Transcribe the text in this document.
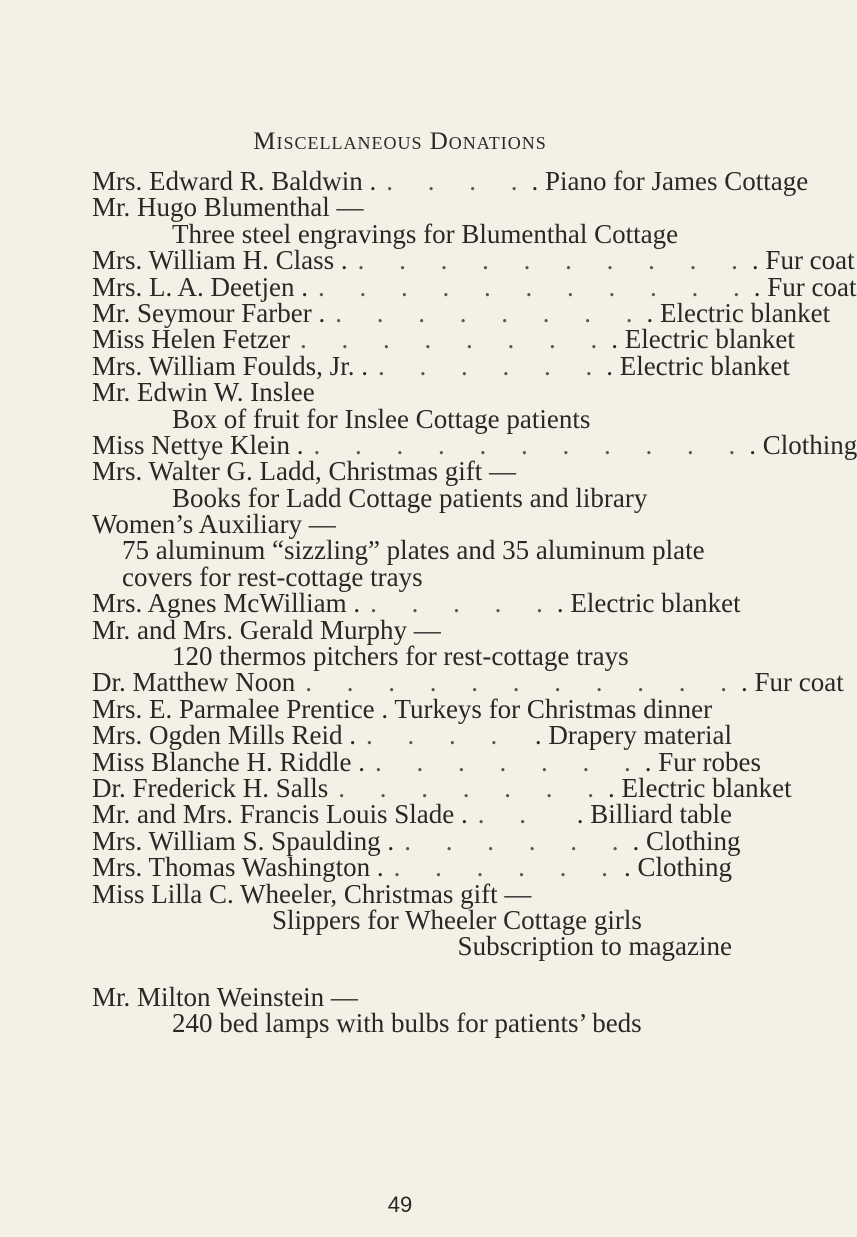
Miscellaneous Donations
Mrs. Edward R. Baldwin . . . . . . Piano for James Cottage
Mr. Hugo Blumenthal —
Three steel engravings for Blumenthal Cottage
Mrs. William H. Class . . . . . . . . . . . . Fur coat
Mrs. L. A. Deetjen . . . . . . . . . . . . . Fur coat
Mr. Seymour Farber . . . . . . . . . . Electric blanket
Miss Helen Fetzer . . . . . . . . . Electric blanket
Mrs. William Foulds, Jr. . . . . . . . . Electric blanket
Mr. Edwin W. Inslee
Box of fruit for Inslee Cottage patients
Miss Nettye Klein . . . . . . . . . . . . . Clothing
Mrs. Walter G. Ladd, Christmas gift —
Books for Ladd Cottage patients and library
Women’s Auxiliary —
75 aluminum “sizzling” plates and 35 aluminum plate
covers for rest-cottage trays
Mrs. Agnes McWilliam . . . . . . . Electric blanket
Mr. and Mrs. Gerald Murphy —
120 thermos pitchers for rest-cottage trays
Dr. Matthew Noon . . . . . . . . . . . . Fur coat
Mrs. E. Parmalee Prentice . Turkeys for Christmas dinner
Mrs. Ogden Mills Reid . . . . . . Drapery material
Miss Blanche H. Riddle . . . . . . . . . Fur robes
Dr. Frederick H. Salls . . . . . . . . Electric blanket
Mr. and Mrs. Francis Louis Slade . . .	. Billiard table
Mrs. William S. Spaulding . . . . . . . . Clothing
Mrs. Thomas Washington . . . . . . . . Clothing
Miss Lilla C. Wheeler, Christmas gift —
Slippers for Wheeler Cottage girls
Subscription to magazine
Mr. Milton Weinstein —
240 bed lamps with bulbs for patients’ beds
49
